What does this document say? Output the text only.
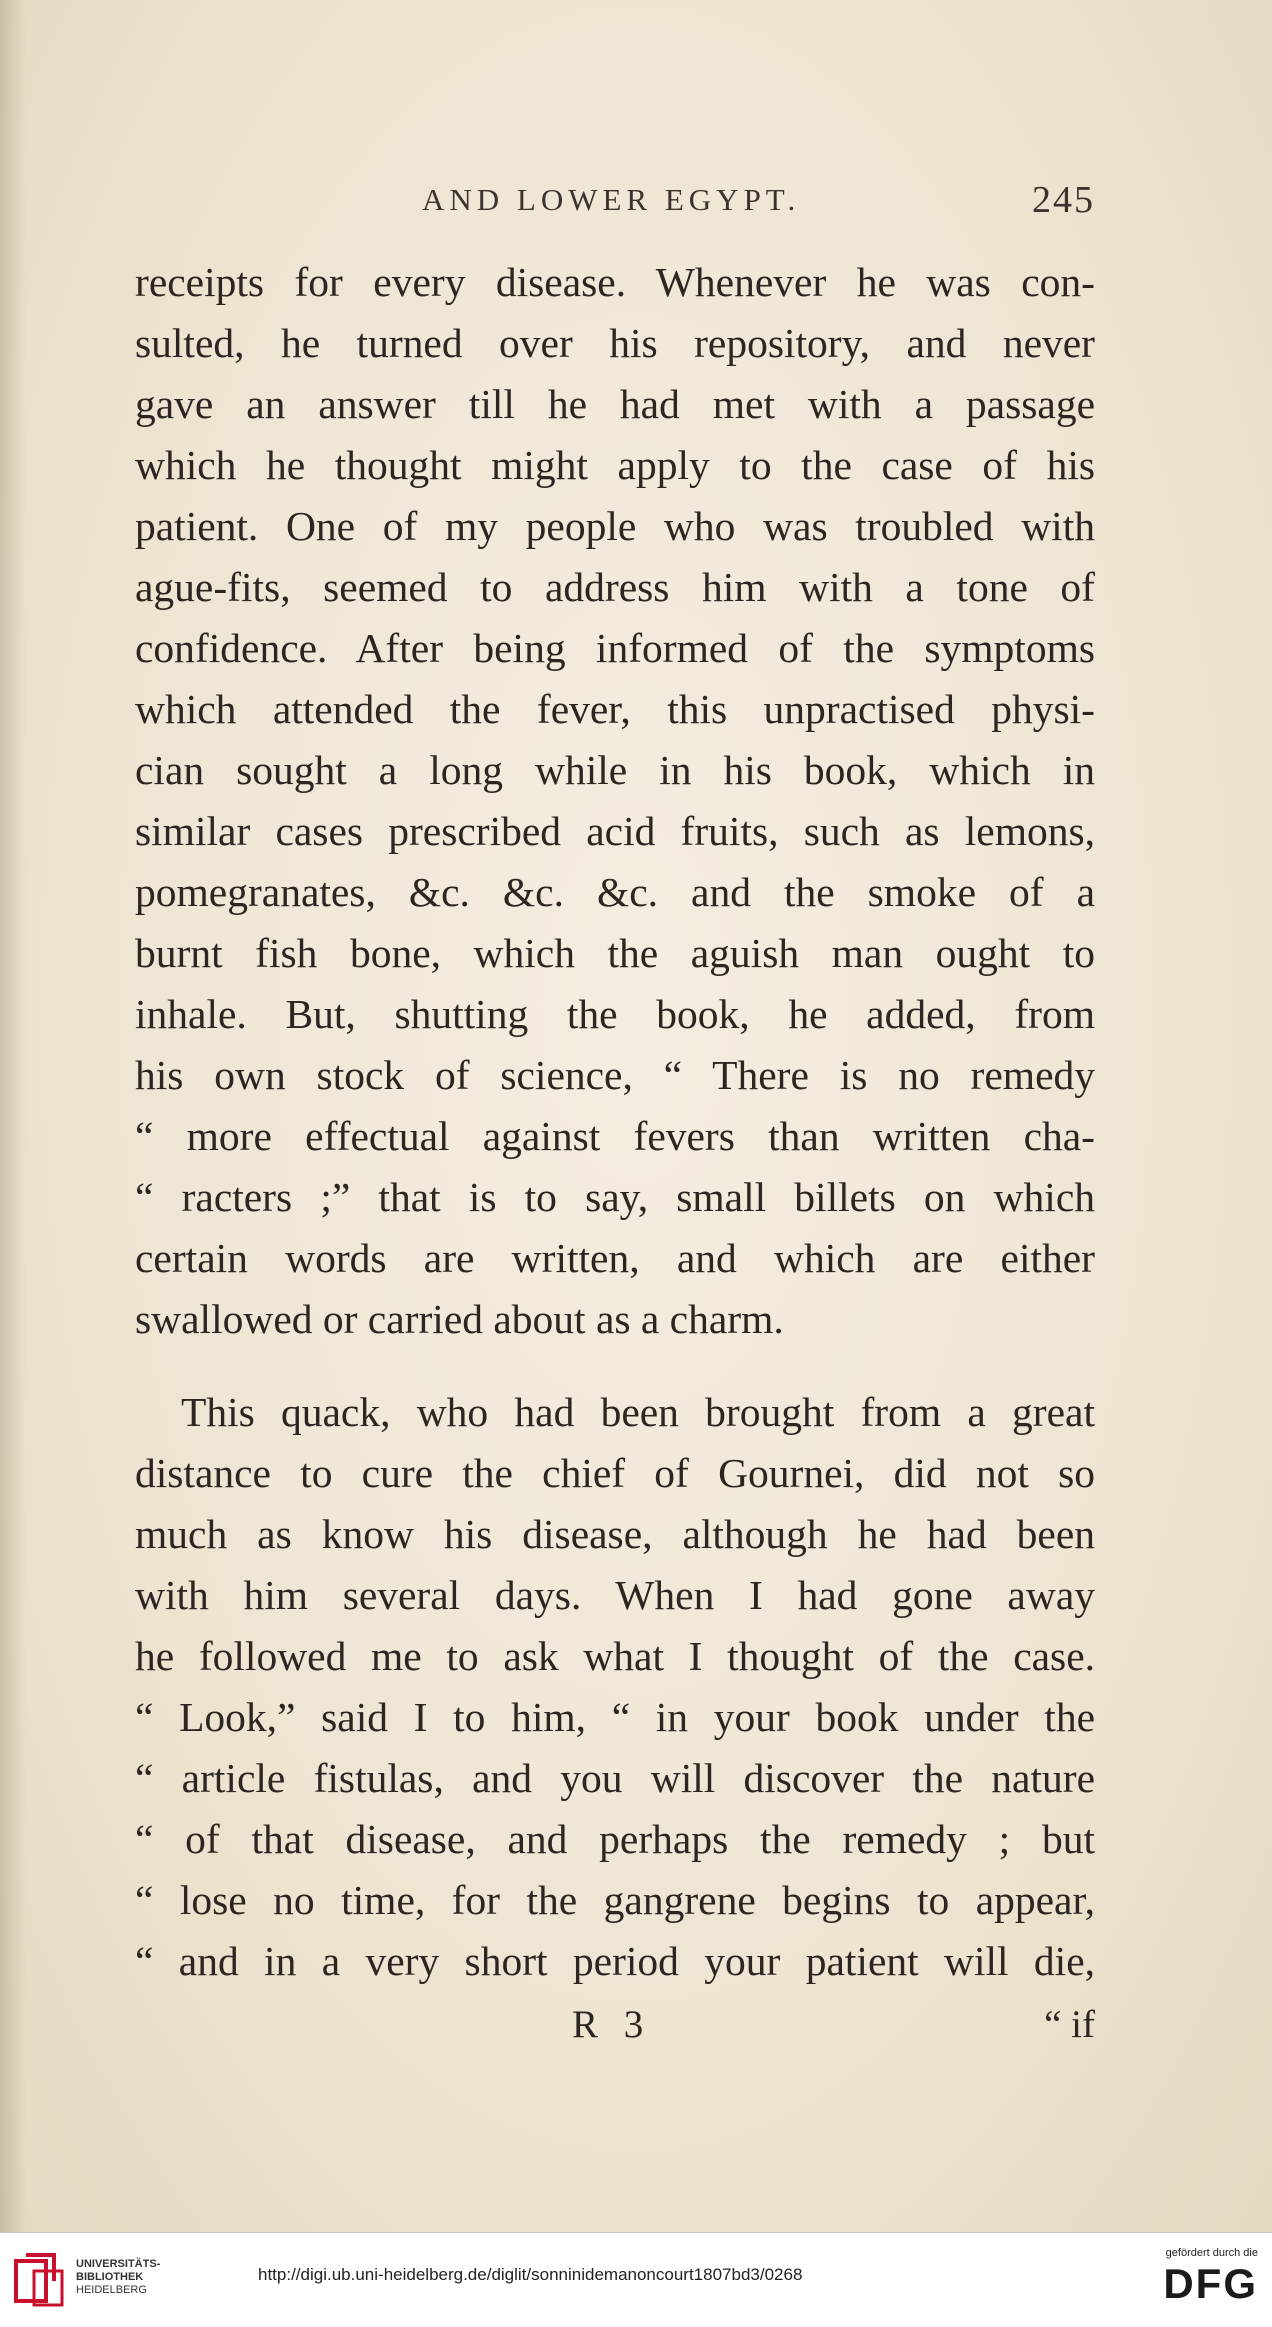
AND LOWER EGYPT.	245
receipts for every disease. Whenever he was con-
sulted, he turned over his repository, and never
gave an answer till he had met with a passage
which he thought might apply to the case of his
patient. One of my people who was troubled with
ague-fits, seemed to address him with a tone of
confidence. After being informed of the symptoms
which attended the fever, this unpractised physi-
cian sought a long while in his book, which in
similar cases prescribed acid fruits, such as lemons,
pomegranates, &c. &c. &c. and the smoke of a
burnt fish bone, which the aguish man ought to
inhale. But, shutting the book, he added, from
his own stock of science, “ There is no remedy
“ more effectual against fevers than written cha-
“ racters ;” that is to say, small billets on which
certain words are written, and which are either
swallowed or carried about as a charm.
This quack, who had been brought from a great
distance to cure the chief of Gournei, did not so
much as know his disease, although he had been
with him several days. When I had gone away
he followed me to ask what I thought of the case.
“ Look,” said I to him, “ in your book under the
“ article fistulas, and you will discover the nature
“ of that disease, and perhaps the remedy ; but
“ lose no time, for the gangrene begins to appear,
“ and in a very short period your patient will die,
R 3	“ if
UNIVERSITÄTS-
BIBLIOTHEK
HEIDELBERG
http://digi.ub.uni-heidelberg.de/diglit/sonninidemanoncourt1807bd3/0268
gefördert durch die
DFG
